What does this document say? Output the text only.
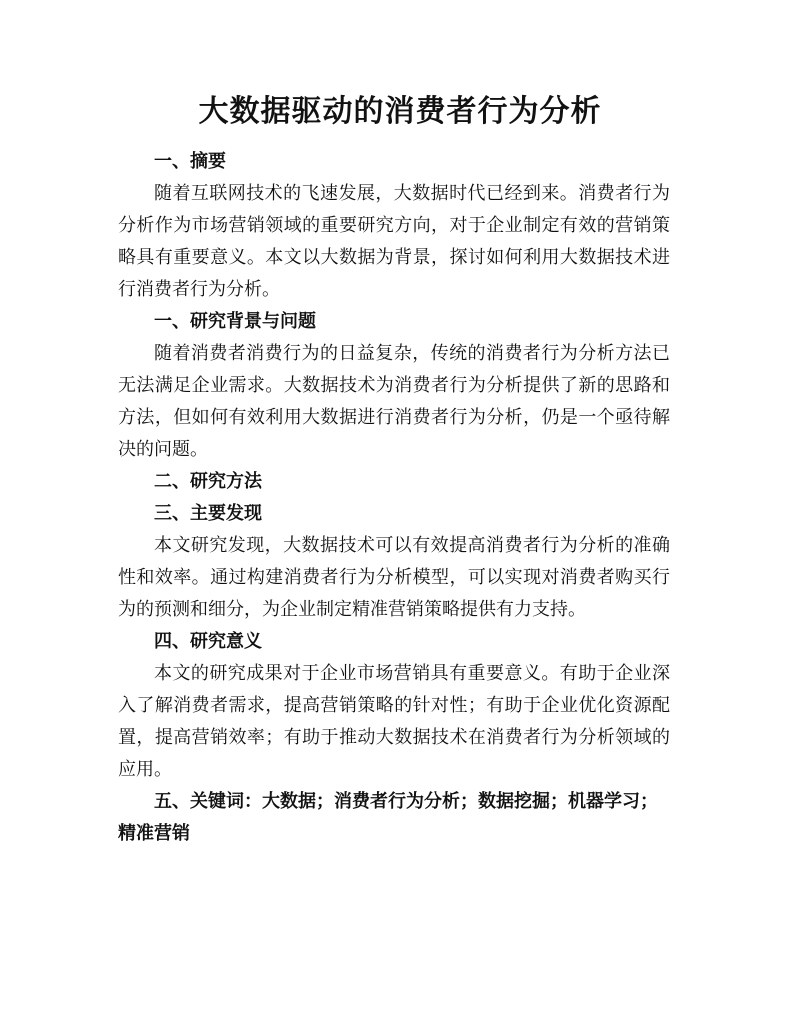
大数据驱动的消费者行为分析

一、摘要

随着互联网技术的飞速发展，大数据时代已经到来。消费者行为分析作为市场营销领域的重要研究方向，对于企业制定有效的营销策略具有重要意义。本文以大数据为背景，探讨如何利用大数据技术进行消费者行为分析。

一、研究背景与问题

随着消费者消费行为的日益复杂，传统的消费者行为分析方法已无法满足企业需求。大数据技术为消费者行为分析提供了新的思路和方法，但如何有效利用大数据进行消费者行为分析，仍是一个亟待解决的问题。

二、研究方法

三、主要发现

本文研究发现，大数据技术可以有效提高消费者行为分析的准确性和效率。通过构建消费者行为分析模型，可以实现对消费者购买行为的预测和细分，为企业制定精准营销策略提供有力支持。

四、研究意义

本文的研究成果对于企业市场营销具有重要意义。有助于企业深入了解消费者需求，提高营销策略的针对性；有助于企业优化资源配置，提高营销效率；有助于推动大数据技术在消费者行为分析领域的应用。

五、关键词：大数据；消费者行为分析；数据挖掘；机器学习；精准营销
